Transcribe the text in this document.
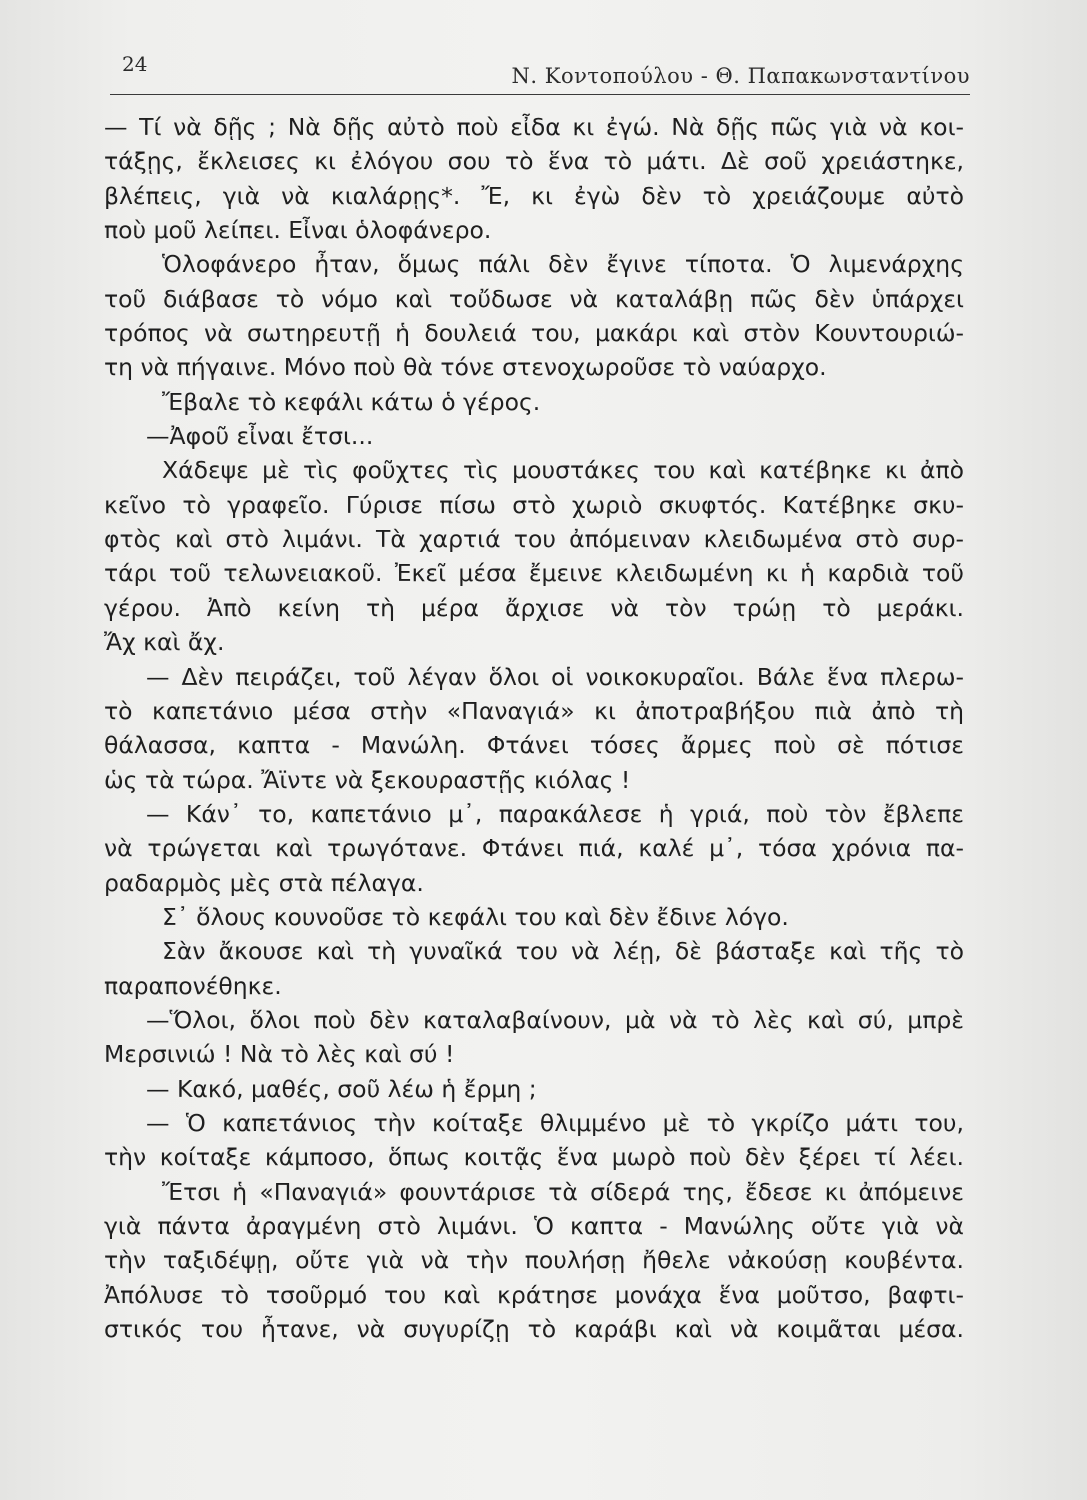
24	Ν. Κοντοπούλου - Θ. Παπακωνσταντίνου
— Τί νὰ δῇς ; Νὰ δῇς αὐτὸ ποὺ εἶδα κι ἐγώ. Νὰ δῇς πῶς γιὰ νὰ κοι-
τάξῃς, ἔκλεισες κι ἐλόγου σου τὸ ἕνα τὸ μάτι. Δὲ σοῦ χρειάστηκε,
βλέπεις, γιὰ νὰ κιαλάρῃς*. Ἔ, κι ἐγὼ δὲν τὸ χρειάζουμε αὐτὸ
ποὺ μοῦ λείπει. Εἶναι ὁλοφάνερο.
Ὁλοφάνερο ἦταν, ὅμως πάλι δὲν ἔγινε τίποτα. Ὁ λιμενάρχης
τοῦ διάβασε τὸ νόμο καὶ τοὔδωσε νὰ καταλάβῃ πῶς δὲν ὑπάρχει
τρόπος νὰ σωτηρευτῇ ἡ δουλειά του, μακάρι καὶ στὸν Κουντουριώ-
τη νὰ πήγαινε. Μόνο ποὺ θὰ τόνε στενοχωροῦσε τὸ ναύαρχο.
Ἔβαλε τὸ κεφάλι κάτω ὁ γέρος.
—Ἀφοῦ εἶναι ἔτσι...
Χάδεψε μὲ τὶς φοῦχτες τὶς μουστάκες του καὶ κατέβηκε κι ἀπὸ
κεῖνο τὸ γραφεῖο. Γύρισε πίσω στὸ χωριὸ σκυφτός. Κατέβηκε σκυ-
φτὸς καὶ στὸ λιμάνι. Τὰ χαρτιά του ἀπόμειναν κλειδωμένα στὸ συρ-
τάρι τοῦ τελωνειακοῦ. Ἐκεῖ μέσα ἔμεινε κλειδωμένη κι ἡ καρδιὰ τοῦ
γέρου. Ἀπὸ κείνη τὴ μέρα ἄρχισε νὰ τὸν τρώῃ τὸ μεράκι.
Ἄχ καὶ ἄχ.
— Δὲν πειράζει, τοῦ λέγαν ὅλοι οἱ νοικοκυραῖοι. Βάλε ἕνα πλερω-
τὸ καπετάνιο μέσα στὴν «Παναγιά» κι ἀποτραβήξου πιὰ ἀπὸ τὴ
θάλασσα, καπτα - Μανώλη. Φτάνει τόσες ἄρμες ποὺ σὲ πότισε
ὡς τὰ τώρα. Ἄϊντε νὰ ξεκουραστῇς κιόλας !
— Κάν᾽ το, καπετάνιο μ᾽, παρακάλεσε ἡ γριά, ποὺ τὸν ἔβλεπε
νὰ τρώγεται καὶ τρωγότανε. Φτάνει πιά, καλέ μ᾽, τόσα χρόνια πα-
ραδαρμὸς μὲς στὰ πέλαγα.
Σ᾽ ὅλους κουνοῦσε τὸ κεφάλι του καὶ δὲν ἔδινε λόγο.
Σὰν ἄκουσε καὶ τὴ γυναῖκά του νὰ λέῃ, δὲ βάσταξε καὶ τῆς τὸ
παραπονέθηκε.
—Ὅλοι, ὅλοι ποὺ δὲν καταλαβαίνουν, μὰ νὰ τὸ λὲς καὶ σύ, μπρὲ
Μερσινιώ ! Νὰ τὸ λὲς καὶ σύ !
— Κακό, μαθές, σοῦ λέω ἡ ἔρμη ;
— Ὁ καπετάνιος τὴν κοίταξε θλιμμένο μὲ τὸ γκρίζο μάτι του,
τὴν κοίταξε κάμποσο, ὅπως κοιτᾷς ἕνα μωρὸ ποὺ δὲν ξέρει τί λέει.
Ἔτσι ἡ «Παναγιά» φουντάρισε τὰ σίδερά της, ἔδεσε κι ἀπόμεινε
γιὰ πάντα ἀραγμένη στὸ λιμάνι. Ὁ καπτα - Μανώλης οὔτε γιὰ νὰ
τὴν ταξιδέψῃ, οὔτε γιὰ νὰ τὴν πουλήσῃ ἤθελε νἀκούσῃ κουβέντα.
Ἀπόλυσε τὸ τσοῦρμό του καὶ κράτησε μονάχα ἕνα μοῦτσο, βαφτι-
στικός του ἦτανε, νὰ συγυρίζῃ τὸ καράβι καὶ νὰ κοιμᾶται μέσα.
